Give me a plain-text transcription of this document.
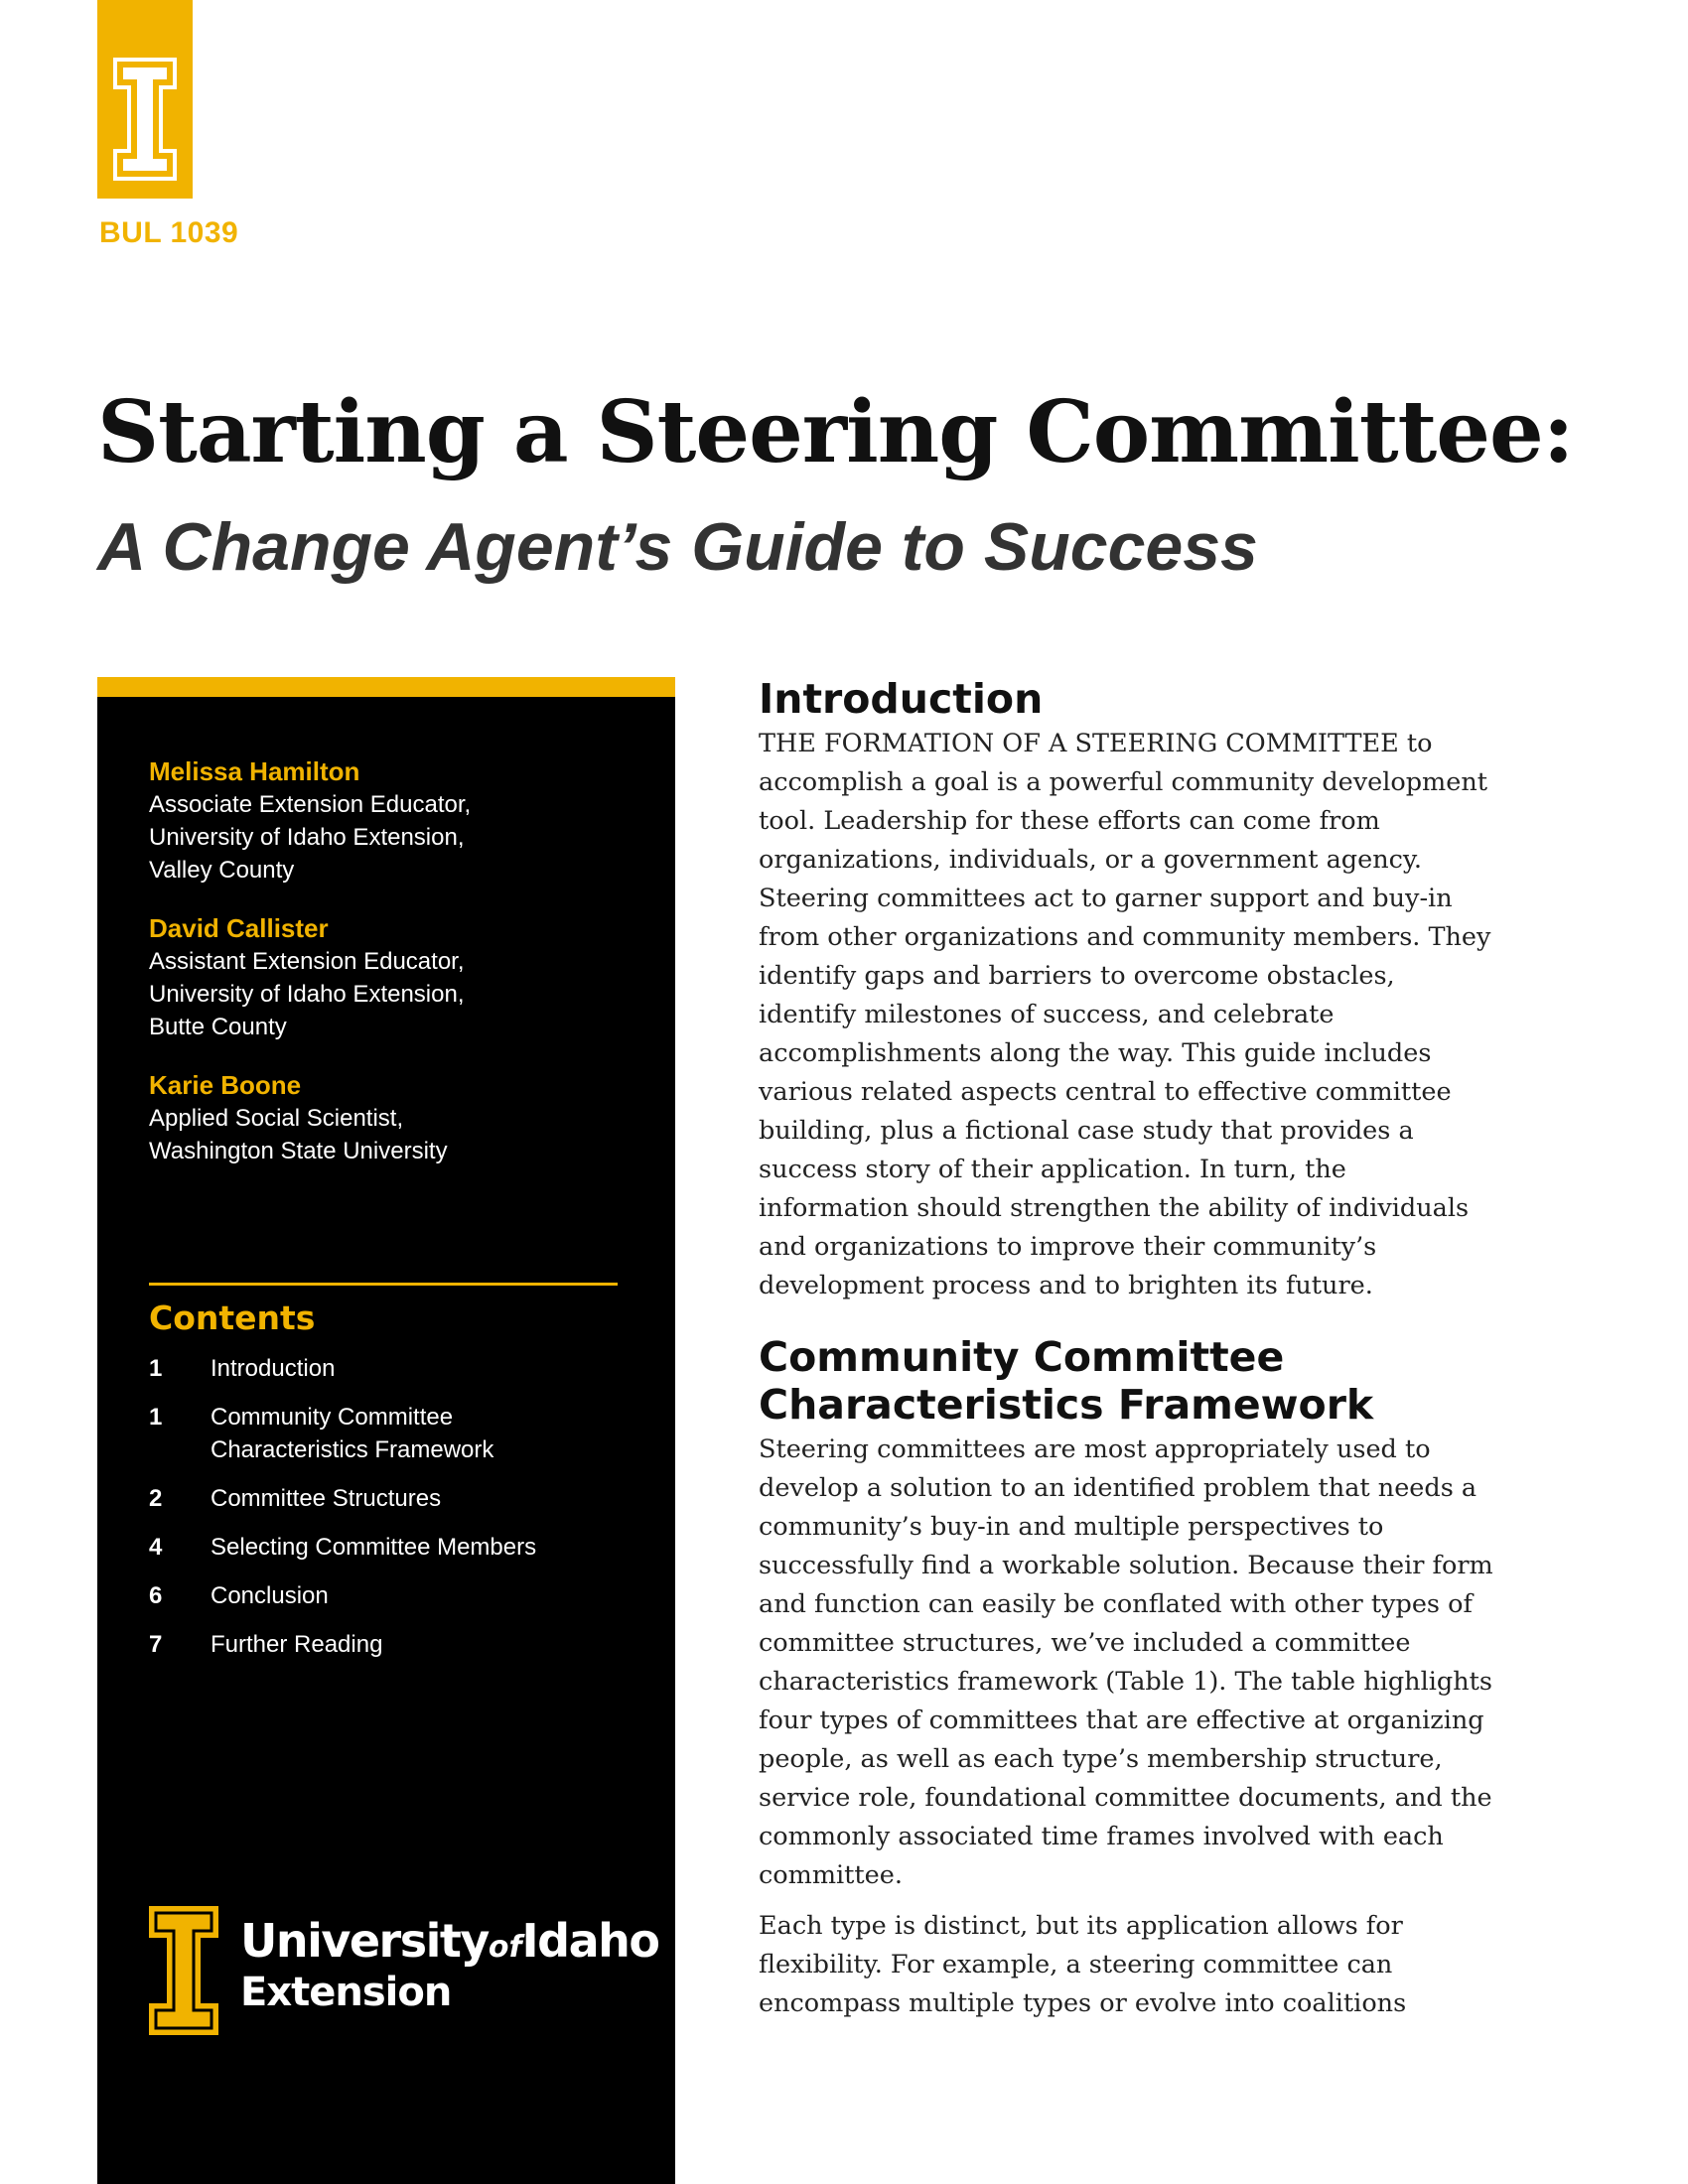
BUL 1039
Starting a Steering Committee:
A Change Agent’s Guide to Success
Melissa Hamilton
Associate Extension Educator,
University of Idaho Extension,
Valley County
David Callister
Assistant Extension Educator,
University of Idaho Extension,
Butte County
Karie Boone
Applied Social Scientist,
Washington State University
Contents
1	Introduction
1	Community Committee Characteristics Framework
2	Committee Structures
4	Selecting Committee Members
6	Conclusion
7	Further Reading
UniversityofIdaho
Extension
Introduction

THE FORMATION OF A STEERING COMMITTEE to accomplish a goal is a powerful community development tool. Leadership for these efforts can come from organizations, individuals, or a government agency. Steering committees act to garner support and buy-in from other organizations and community members. They identify gaps and barriers to overcome obstacles, identify milestones of success, and celebrate accomplishments along the way. This guide includes various related aspects central to effective committee building, plus a fictional case study that provides a success story of their application. In turn, the information should strengthen the ability of individuals and organizations to improve their community’s development process and to brighten its future.

Community Committee Characteristics Framework

Steering committees are most appropriately used to develop a solution to an identified problem that needs a community’s buy-in and multiple perspectives to successfully find a workable solution. Because their form and function can easily be conflated with other types of committee structures, we’ve included a committee characteristics framework (Table 1). The table highlights four types of committees that are effective at organizing people, as well as each type’s membership structure, service role, foundational committee documents, and the commonly associated time frames involved with each committee.

Each type is distinct, but its application allows for flexibility. For example, a steering committee can encompass multiple types or evolve into coalitions
